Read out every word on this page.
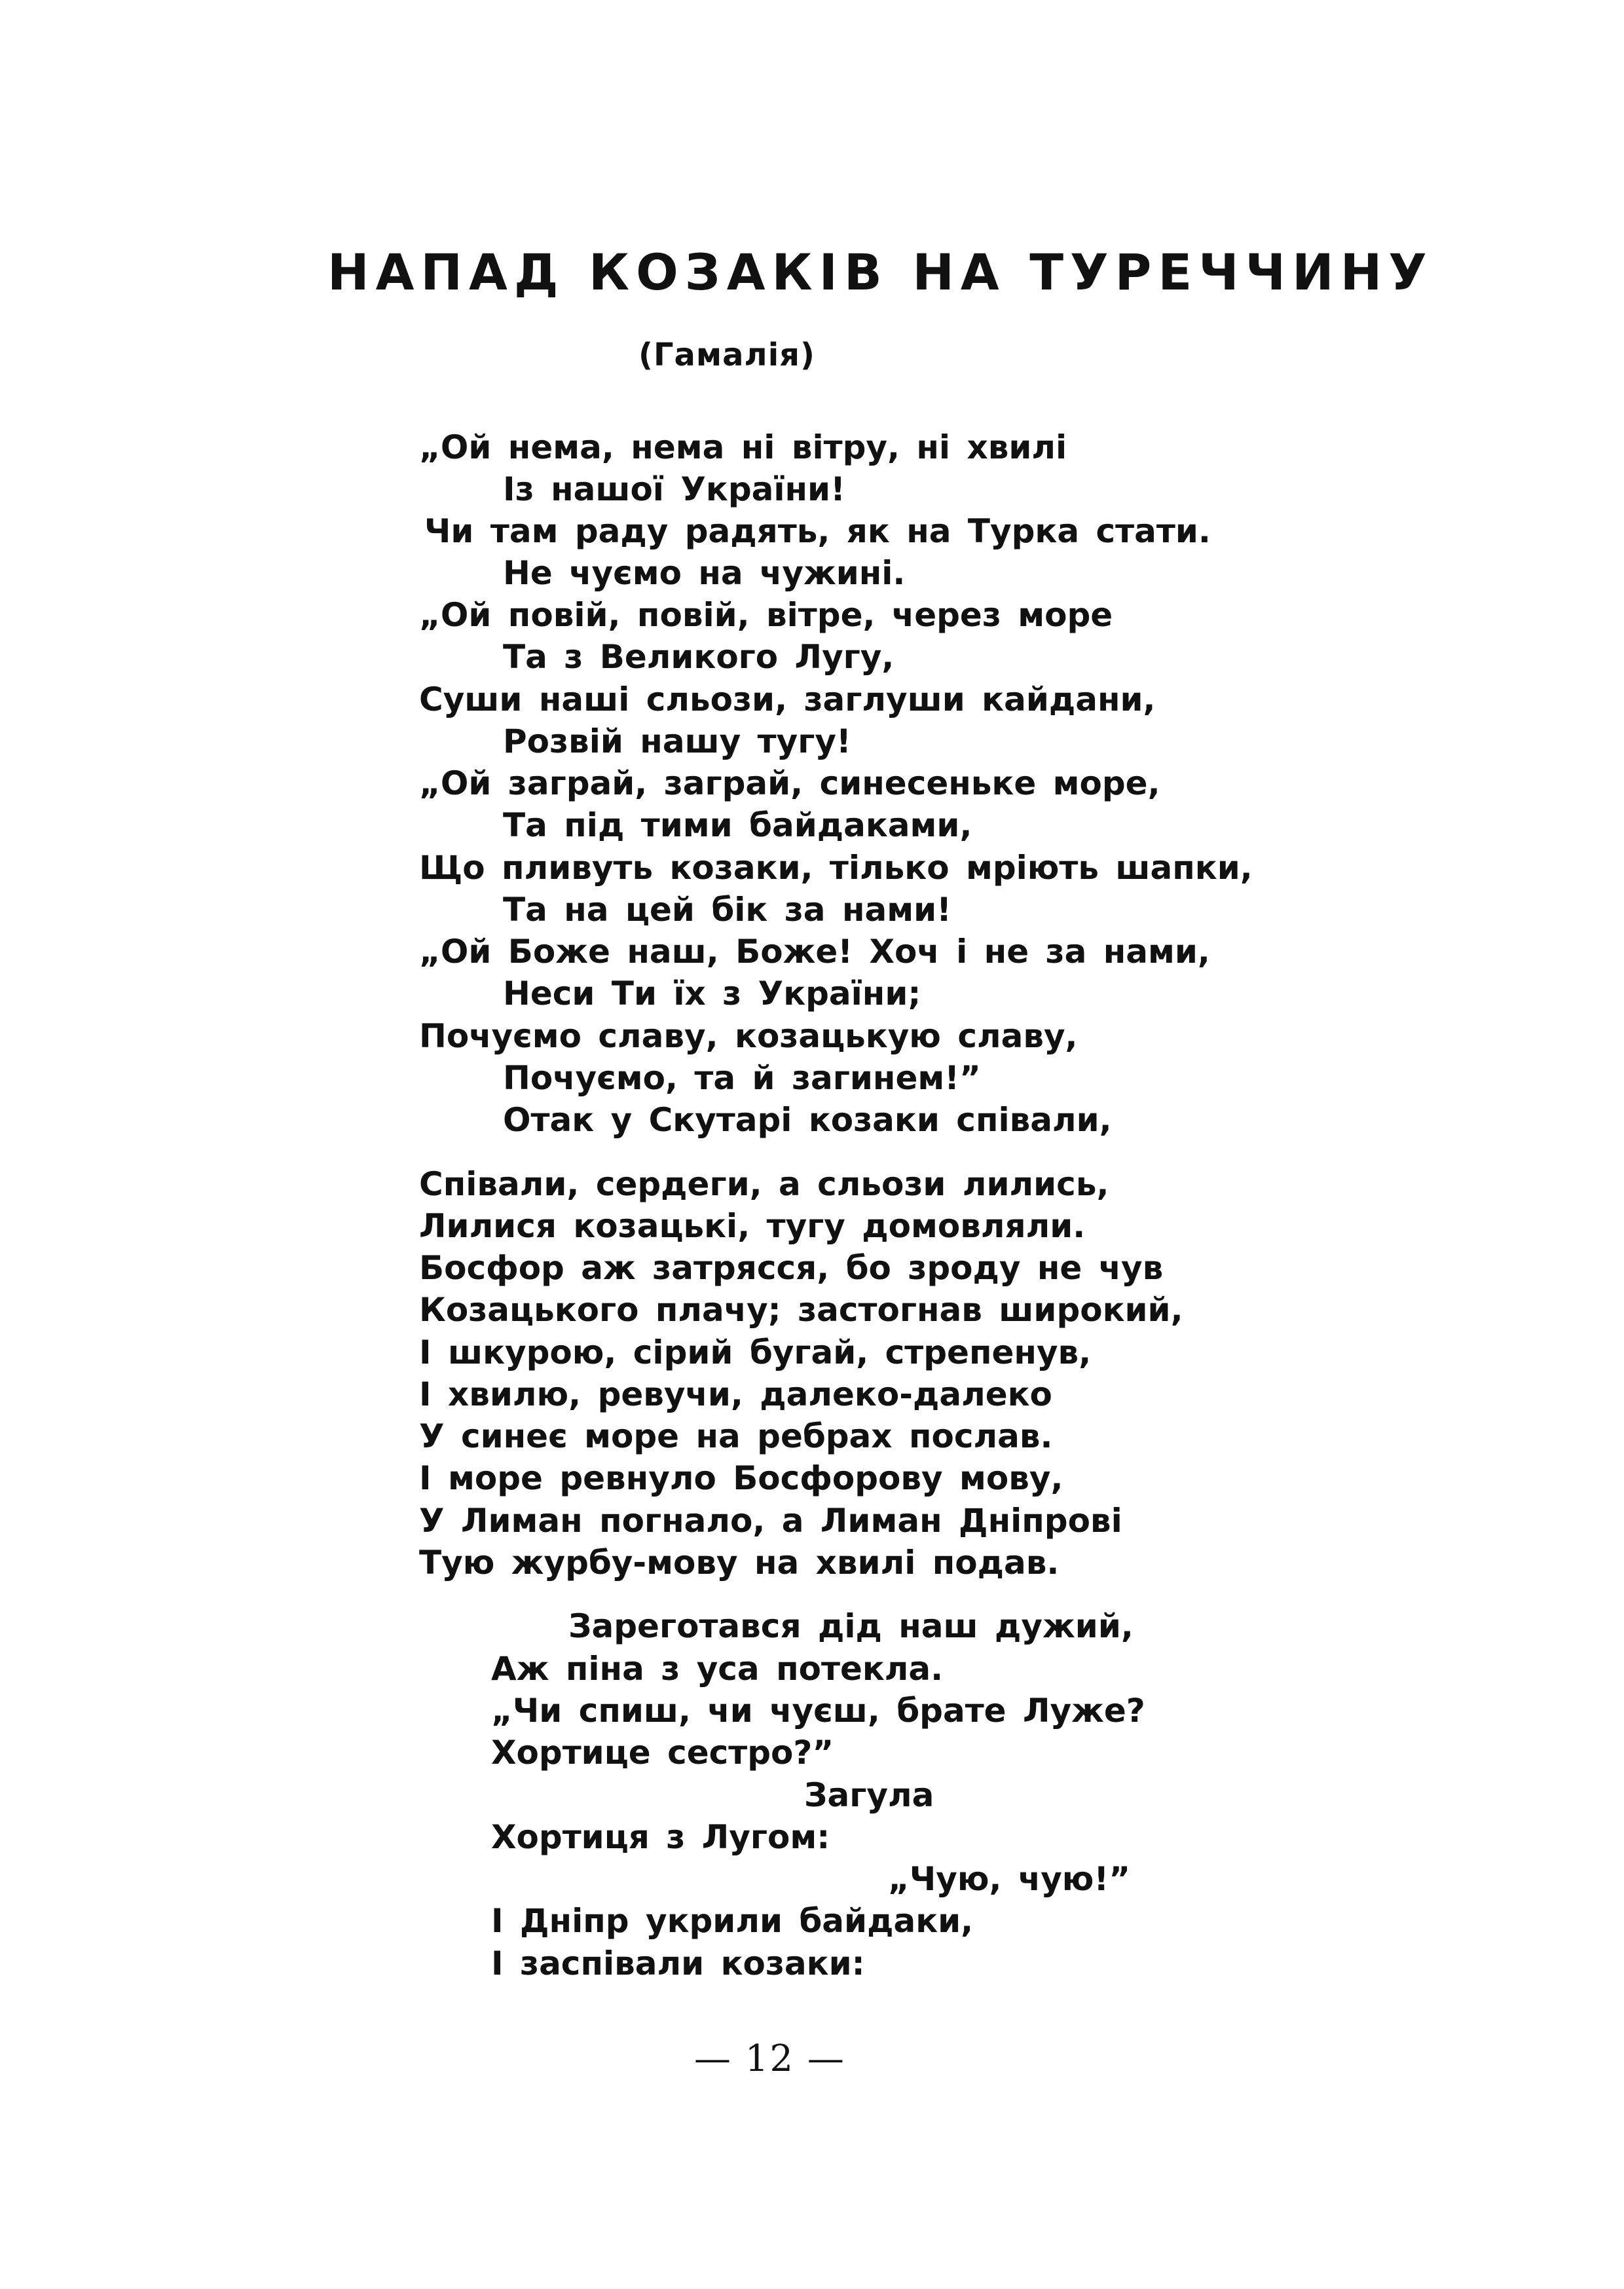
НАПАД КОЗАКІВ НА ТУРЕЧЧИНУ
(Гамалія)
„Ой нема, нема ні вітру, ні хвилі
Із нашої України!
Чи там раду радять, як на Турка стати.
Не чуємо на чужині.
„Ой повій, повій, вітре, через море
Та з Великого Лугу,
Суши наші сльози, заглуши кайдани,
Розвій нашу тугу!
„Ой заграй, заграй, синесенькe море,
Та під тими байдаками,
Що пливуть козаки, тілько мріють шапки,
Та на цей бік за нами!
„Ой Боже наш, Боже! Хоч і не за нами,
Неси Ти їх з України;
Почуємо славу, козацькую славу,
Почуємо, та й загинем!”
Отак у Скутарі козаки співали,
Співали, сердеги, а сльози лились,
Лилися козацькі, тугу домовляли.
Босфор аж затрясся, бо зроду не чув
Козацького плачу; застогнав широкий,
І шкурою, сірий бугай, стрепенув,
І хвилю, ревучи, далеко-далеко
У синеє море на ребрах послав.
І море ревнуло Босфорову мову,
У Лиман погнало, а Лиман Дніпрові
Тую журбу-мову на хвилі подав.
Зареготався дід наш дужий,
Аж піна з уса потекла.
„Чи спиш, чи чуєш, брате Луже?
Хортице сестро?”
Загула
Хортиця з Лугом:
„Чую, чую!”
І Дніпр укрили байдаки,
І заспівали козаки:
— 12 —
